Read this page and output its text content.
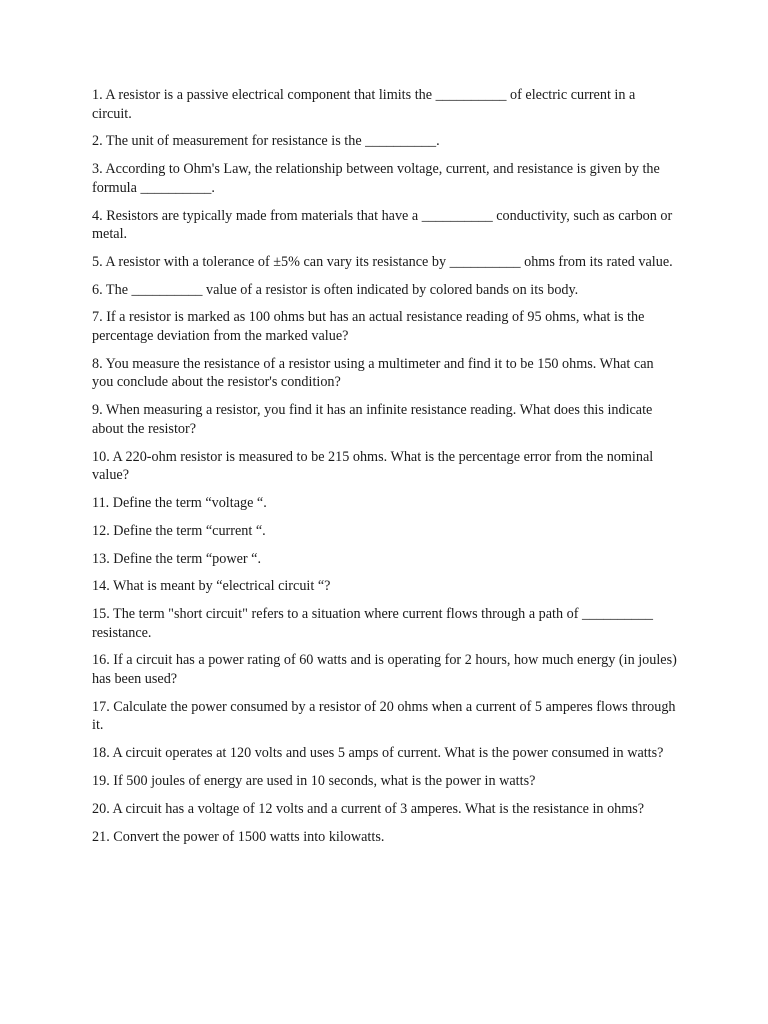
1. A resistor is a passive electrical component that limits the __________ of electric current in a circuit.
2. The unit of measurement for resistance is the __________.
3. According to Ohm's Law, the relationship between voltage, current, and resistance is given by the formula __________.
4. Resistors are typically made from materials that have a __________ conductivity, such as carbon or metal.
5. A resistor with a tolerance of ±5% can vary its resistance by __________ ohms from its rated value.
6. The __________ value of a resistor is often indicated by colored bands on its body.
7. If a resistor is marked as 100 ohms but has an actual resistance reading of 95 ohms, what is the percentage deviation from the marked value?
8. You measure the resistance of a resistor using a multimeter and find it to be 150 ohms. What can you conclude about the resistor's condition?
9. When measuring a resistor, you find it has an infinite resistance reading. What does this indicate about the resistor?
10. A 220-ohm resistor is measured to be 215 ohms. What is the percentage error from the nominal value?
11. Define the term “voltage “.
12. Define the term “current “.
13. Define the term “power “.
14. What is meant by “electrical circuit “?
15. The term "short circuit" refers to a situation where current flows through a path of __________ resistance.
16. If a circuit has a power rating of 60 watts and is operating for 2 hours, how much energy (in joules) has been used?
17. Calculate the power consumed by a resistor of 20 ohms when a current of 5 amperes flows through it.
18. A circuit operates at 120 volts and uses 5 amps of current. What is the power consumed in watts?
19. If 500 joules of energy are used in 10 seconds, what is the power in watts?
20. A circuit has a voltage of 12 volts and a current of 3 amperes. What is the resistance in ohms?
21. Convert the power of 1500 watts into kilowatts.
